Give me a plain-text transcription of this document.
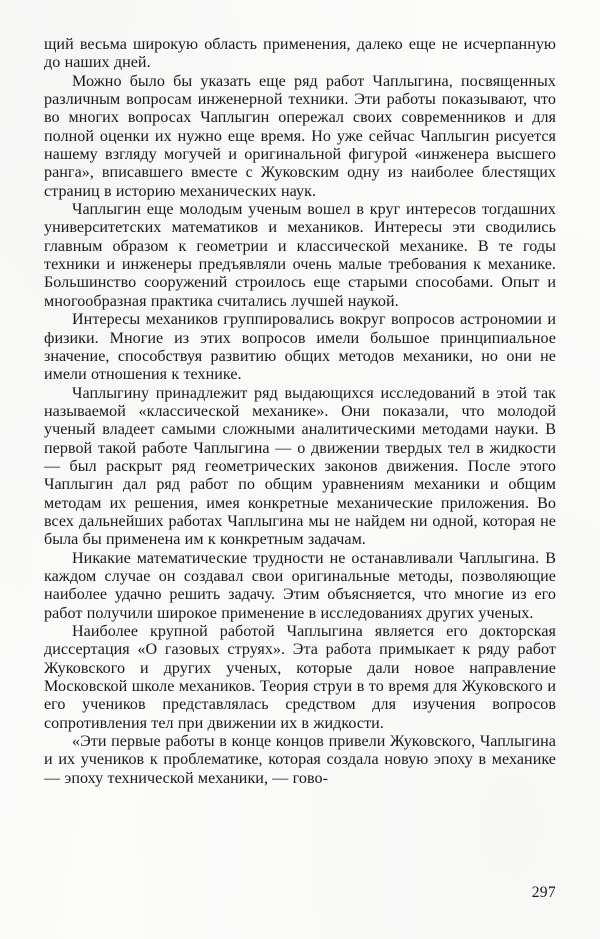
щий весьма широкую область применения, далеко еще не исчерпанную до наших дней.

Можно было бы указать еще ряд работ Чаплыгина, посвященных различным вопросам инженерной техники. Эти работы показывают, что во многих вопросах Чаплыгин опережал своих современников и для полной оценки их нужно еще время. Но уже сейчас Чаплыгин рисуется нашему взгляду могучей и оригинальной фигурой «инженера высшего ранга», вписавшего вместе с Жуковским одну из наиболее блестящих страниц в историю механических наук.

Чаплыгин еще молодым ученым вошел в круг интересов тогдашних университетских математиков и механиков. Интересы эти сводились главным образом к геометрии и классической механике. В те годы техники и инженеры предъявляли очень малые требования к механике. Большинство сооружений строилось еще старыми способами. Опыт и многообразная практика считались лучшей наукой.

Интересы механиков группировались вокруг вопросов астрономии и физики. Многие из этих вопросов имели большое принципиальное значение, способствуя развитию общих методов механики, но они не имели отношения к технике.

Чаплыгину принадлежит ряд выдающихся исследований в этой так называемой «классической механике». Они показали, что молодой ученый владеет самыми сложными аналитическими методами науки. В первой такой работе Чаплыгина — о движении твердых тел в жидкости — был раскрыт ряд геометрических законов движения. После этого Чаплыгин дал ряд работ по общим уравнениям механики и общим методам их решения, имея конкретные механические приложения. Во всех дальнейших работах Чаплыгина мы не найдем ни одной, которая не была бы применена им к конкретным задачам.

Никакие математические трудности не останавливали Чаплыгина. В каждом случае он создавал свои оригинальные методы, позволяющие наиболее удачно решить задачу. Этим объясняется, что многие из его работ получили широкое применение в исследованиях других ученых.

Наиболее крупной работой Чаплыгина является его докторская диссертация «О газовых струях». Эта работа примыкает к ряду работ Жуковского и других ученых, которые дали новое направление Московской школе механиков. Теория струи в то время для Жуковского и его учеников представлялась средством для изучения вопросов сопротивления тел при движении их в жидкости.

«Эти первые работы в конце концов привели Жуковского, Чаплыгина и их учеников к проблематике, которая создала новую эпоху в механике — эпоху технической механики, — гово-

297
